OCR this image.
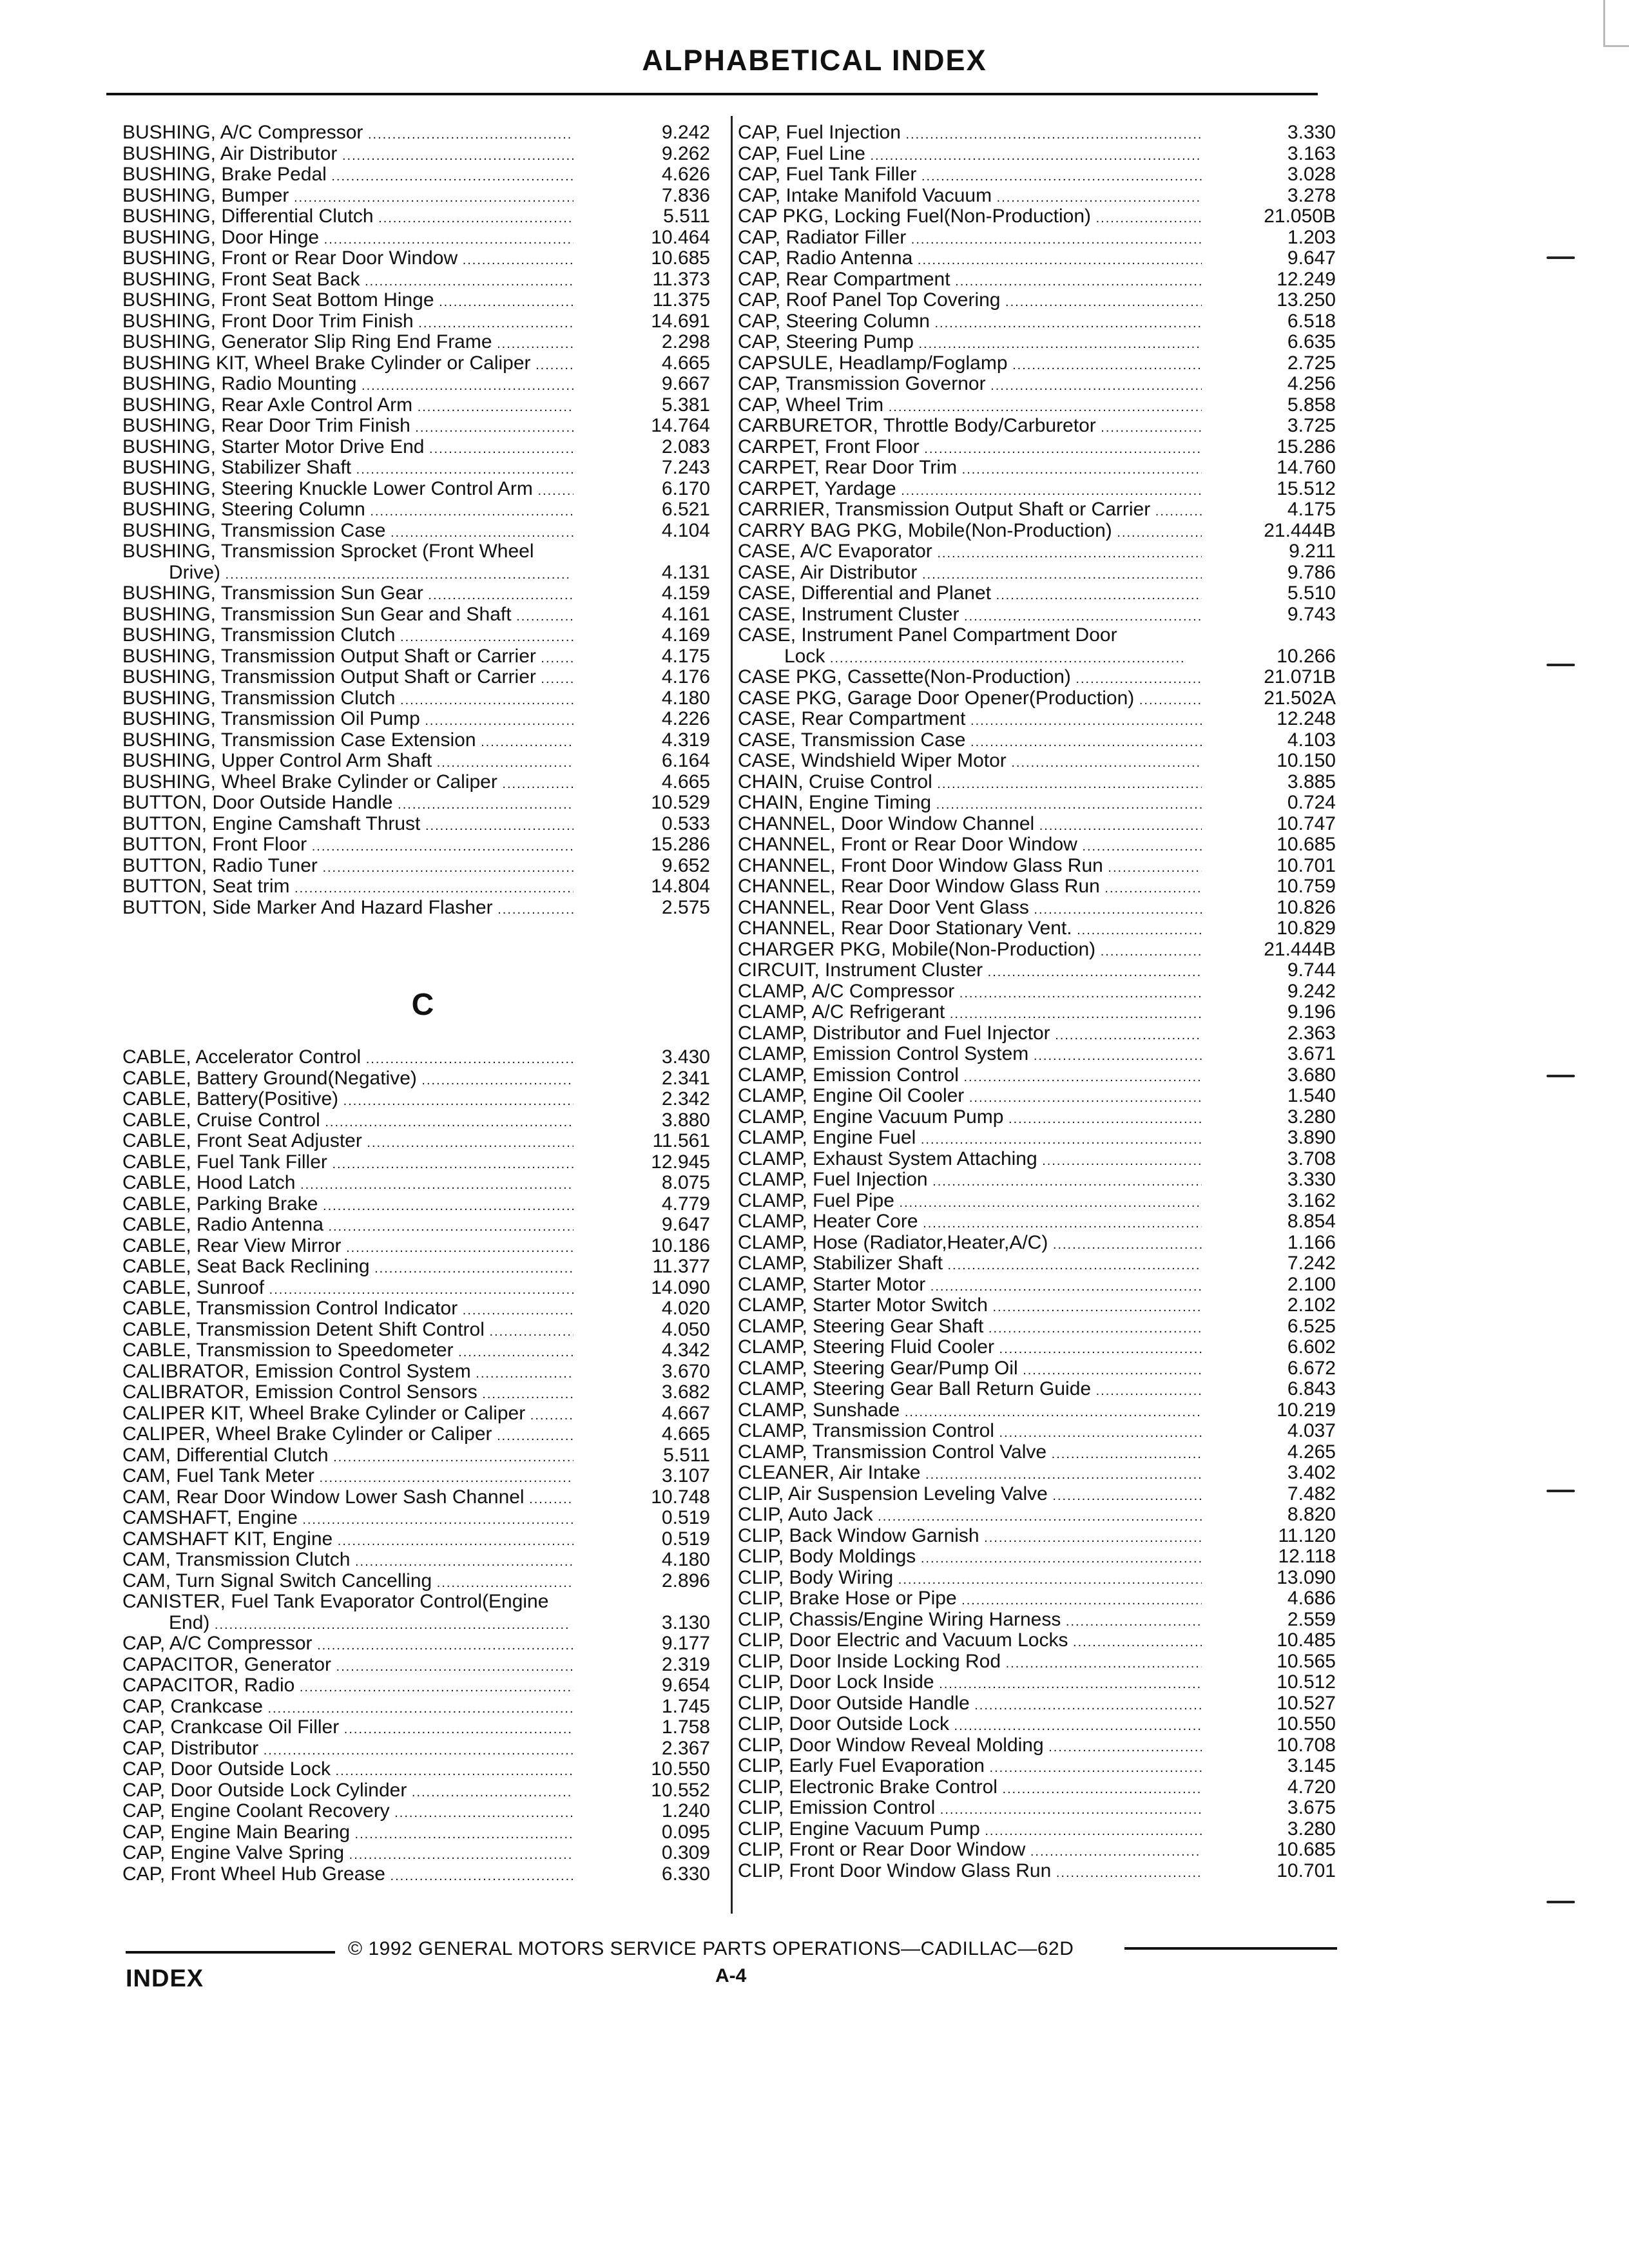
ALPHABETICAL INDEX
BUSHING, A/C Compressor .....	9.242
BUSHING, Air Distributor .....	9.262
BUSHING, Brake Pedal .....	4.626
BUSHING, Bumper .....	7.836
BUSHING, Differential Clutch .....	5.511
BUSHING, Door Hinge .....	10.464
BUSHING, Front or Rear Door Window .....	10.685
BUSHING, Front Seat Back .....	11.373
BUSHING, Front Seat Bottom Hinge .....	11.375
BUSHING, Front Door Trim Finish .....	14.691
BUSHING, Generator Slip Ring End Frame .....	2.298
BUSHING KIT, Wheel Brake Cylinder or Caliper .....	4.665
BUSHING, Radio Mounting .....	9.667
BUSHING, Rear Axle Control Arm .....	5.381
BUSHING, Rear Door Trim Finish .....	14.764
BUSHING, Starter Motor Drive End .....	2.083
BUSHING, Stabilizer Shaft .....	7.243
BUSHING, Steering Knuckle Lower Control Arm .....	6.170
BUSHING, Steering Column .....	6.521
BUSHING, Transmission Case .....	4.104
BUSHING, Transmission Sprocket (Front Wheel
Drive) .....	4.131
BUSHING, Transmission Sun Gear .....	4.159
BUSHING, Transmission Sun Gear and Shaft .....	4.161
BUSHING, Transmission Clutch .....	4.169
BUSHING, Transmission Output Shaft or Carrier .....	4.175
BUSHING, Transmission Output Shaft or Carrier .....	4.176
BUSHING, Transmission Clutch .....	4.180
BUSHING, Transmission Oil Pump .....	4.226
BUSHING, Transmission Case Extension .....	4.319
BUSHING, Upper Control Arm Shaft .....	6.164
BUSHING, Wheel Brake Cylinder or Caliper .....	4.665
BUTTON, Door Outside Handle .....	10.529
BUTTON, Engine Camshaft Thrust .....	0.533
BUTTON, Front Floor .....	15.286
BUTTON, Radio Tuner .....	9.652
BUTTON, Seat trim .....	14.804
BUTTON, Side Marker And Hazard Flasher .....	2.575
C
CABLE, Accelerator Control .....	3.430
CABLE, Battery Ground(Negative) .....	2.341
CABLE, Battery(Positive) .....	2.342
CABLE, Cruise Control .....	3.880
CABLE, Front Seat Adjuster .....	11.561
CABLE, Fuel Tank Filler .....	12.945
CABLE, Hood Latch .....	8.075
CABLE, Parking Brake .....	4.779
CABLE, Radio Antenna .....	9.647
CABLE, Rear View Mirror .....	10.186
CABLE, Seat Back Reclining .....	11.377
CABLE, Sunroof .....	14.090
CABLE, Transmission Control Indicator .....	4.020
CABLE, Transmission Detent Shift Control .....	4.050
CABLE, Transmission to Speedometer .....	4.342
CALIBRATOR, Emission Control System .....	3.670
CALIBRATOR, Emission Control Sensors .....	3.682
CALIPER KIT, Wheel Brake Cylinder or Caliper .....	4.667
CALIPER, Wheel Brake Cylinder or Caliper .....	4.665
CAM, Differential Clutch .....	5.511
CAM, Fuel Tank Meter .....	3.107
CAM, Rear Door Window Lower Sash Channel .....	10.748
CAMSHAFT, Engine .....	0.519
CAMSHAFT KIT, Engine .....	0.519
CAM, Transmission Clutch .....	4.180
CAM, Turn Signal Switch Cancelling .....	2.896
CANISTER, Fuel Tank Evaporator Control(Engine
End) .....	3.130
CAP, A/C Compressor .....	9.177
CAPACITOR, Generator .....	2.319
CAPACITOR, Radio .....	9.654
CAP, Crankcase .....	1.745
CAP, Crankcase Oil Filler .....	1.758
CAP, Distributor .....	2.367
CAP, Door Outside Lock .....	10.550
CAP, Door Outside Lock Cylinder .....	10.552
CAP, Engine Coolant Recovery .....	1.240
CAP, Engine Main Bearing .....	0.095
CAP, Engine Valve Spring .....	0.309
CAP, Front Wheel Hub Grease .....	6.330
CAP, Fuel Injection .....	3.330
CAP, Fuel Line .....	3.163
CAP, Fuel Tank Filler .....	3.028
CAP, Intake Manifold Vacuum .....	3.278
CAP PKG, Locking Fuel(Non-Production) .....	21.050B
CAP, Radiator Filler .....	1.203
CAP, Radio Antenna .....	9.647
CAP, Rear Compartment .....	12.249
CAP, Roof Panel Top Covering .....	13.250
CAP, Steering Column .....	6.518
CAP, Steering Pump .....	6.635
CAPSULE, Headlamp/Foglamp .....	2.725
CAP, Transmission Governor .....	4.256
CAP, Wheel Trim .....	5.858
CARBURETOR, Throttle Body/Carburetor .....	3.725
CARPET, Front Floor .....	15.286
CARPET, Rear Door Trim .....	14.760
CARPET, Yardage .....	15.512
CARRIER, Transmission Output Shaft or Carrier .....	4.175
CARRY BAG PKG, Mobile(Non-Production) .....	21.444B
CASE, A/C Evaporator .....	9.211
CASE, Air Distributor .....	9.786
CASE, Differential and Planet .....	5.510
CASE, Instrument Cluster .....	9.743
CASE, Instrument Panel Compartment Door
Lock .....	10.266
CASE PKG, Cassette(Non-Production) .....	21.071B
CASE PKG, Garage Door Opener(Production) .....	21.502A
CASE, Rear Compartment .....	12.248
CASE, Transmission Case .....	4.103
CASE, Windshield Wiper Motor .....	10.150
CHAIN, Cruise Control .....	3.885
CHAIN, Engine Timing .....	0.724
CHANNEL, Door Window Channel .....	10.747
CHANNEL, Front or Rear Door Window .....	10.685
CHANNEL, Front Door Window Glass Run .....	10.701
CHANNEL, Rear Door Window Glass Run .....	10.759
CHANNEL, Rear Door Vent Glass .....	10.826
CHANNEL, Rear Door Stationary Vent. .....	10.829
CHARGER PKG, Mobile(Non-Production) .....	21.444B
CIRCUIT, Instrument Cluster .....	9.744
CLAMP, A/C Compressor .....	9.242
CLAMP, A/C Refrigerant .....	9.196
CLAMP, Distributor and Fuel Injector .....	2.363
CLAMP, Emission Control System .....	3.671
CLAMP, Emission Control .....	3.680
CLAMP, Engine Oil Cooler .....	1.540
CLAMP, Engine Vacuum Pump .....	3.280
CLAMP, Engine Fuel .....	3.890
CLAMP, Exhaust System Attaching .....	3.708
CLAMP, Fuel Injection .....	3.330
CLAMP, Fuel Pipe .....	3.162
CLAMP, Heater Core .....	8.854
CLAMP, Hose (Radiator,Heater,A/C) .....	1.166
CLAMP, Stabilizer Shaft .....	7.242
CLAMP, Starter Motor .....	2.100
CLAMP, Starter Motor Switch .....	2.102
CLAMP, Steering Gear Shaft .....	6.525
CLAMP, Steering Fluid Cooler .....	6.602
CLAMP, Steering Gear/Pump Oil .....	6.672
CLAMP, Steering Gear Ball Return Guide .....	6.843
CLAMP, Sunshade .....	10.219
CLAMP, Transmission Control .....	4.037
CLAMP, Transmission Control Valve .....	4.265
CLEANER, Air Intake .....	3.402
CLIP, Air Suspension Leveling Valve .....	7.482
CLIP, Auto Jack .....	8.820
CLIP, Back Window Garnish .....	11.120
CLIP, Body Moldings .....	12.118
CLIP, Body Wiring .....	13.090
CLIP, Brake Hose or Pipe .....	4.686
CLIP, Chassis/Engine Wiring Harness .....	2.559
CLIP, Door Electric and Vacuum Locks .....	10.485
CLIP, Door Inside Locking Rod .....	10.565
CLIP, Door Lock Inside .....	10.512
CLIP, Door Outside Handle .....	10.527
CLIP, Door Outside Lock .....	10.550
CLIP, Door Window Reveal Molding .....	10.708
CLIP, Early Fuel Evaporation .....	3.145
CLIP, Electronic Brake Control .....	4.720
CLIP, Emission Control .....	3.675
CLIP, Engine Vacuum Pump .....	3.280
CLIP, Front or Rear Door Window .....	10.685
CLIP, Front Door Window Glass Run .....	10.701
© 1992 GENERAL MOTORS SERVICE PARTS OPERATIONS—CADILLAC—62D
INDEX	A-4
